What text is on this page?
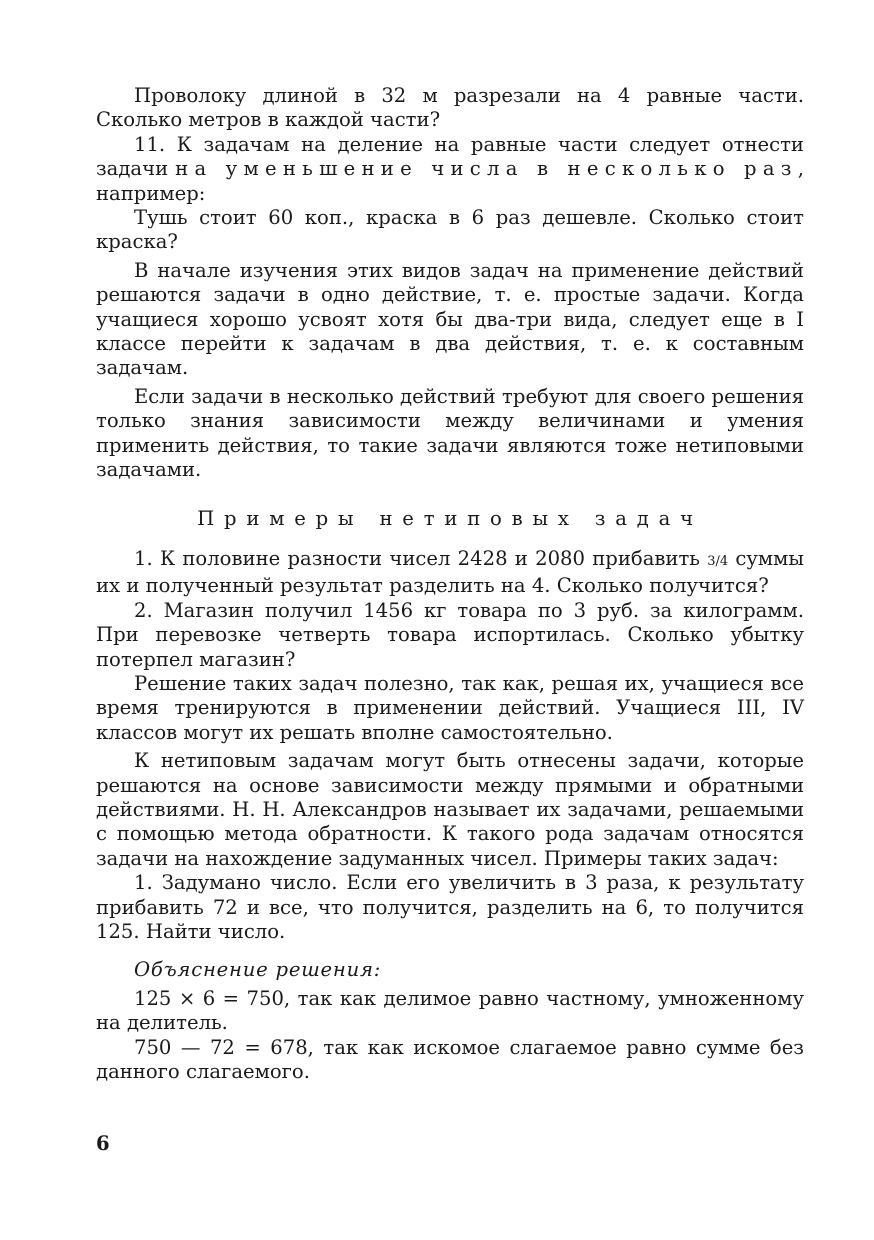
Проволоку длиной в 32 м разрезали на 4 равные части. Сколько метров в каждой части?

11. К задачам на деление на равные части следует отнести задачи на уменьшение числа в несколько раз, например:

Тушь стоит 60 коп., краска в 6 раз дешевле. Сколько стоит краска?

В начале изучения этих видов задач на применение действий решаются задачи в одно действие, т. е. простые задачи. Когда учащиеся хорошо усвоят хотя бы два-три вида, следует еще в I классе перейти к задачам в два действия, т. е. к составным задачам.

Если задачи в несколько действий требуют для своего решения только знания зависимости между величинами и умения применить действия, то такие задачи являются тоже нетиповыми задачами.

Примеры нетиповых задач

1. К половине разности чисел 2428 и 2080 прибавить 3/4 суммы их и полученный результат разделить на 4. Сколько получится?

2. Магазин получил 1456 кг товара по 3 руб. за килограмм. При перевозке четверть товара испортилась. Сколько убытку потерпел магазин?

Решение таких задач полезно, так как, решая их, учащиеся все время тренируются в применении действий. Учащиеся III, IV классов могут их решать вполне самостоятельно.

К нетиповым задачам могут быть отнесены задачи, которые решаются на основе зависимости между прямыми и обратными действиями. Н. Н. Александров называет их задачами, решаемыми с помощью метода обратности. К такого рода задачам относятся задачи на нахождение задуманных чисел. Примеры таких задач:

1. Задумано число. Если его увеличить в 3 раза, к результату прибавить 72 и все, что получится, разделить на 6, то получится 125. Найти число.

Объяснение решения:

125 × 6 = 750, так как делимое равно частному, умноженному на делитель.

750 — 72 = 678, так как искомое слагаемое равно сумме без данного слагаемого.

6
